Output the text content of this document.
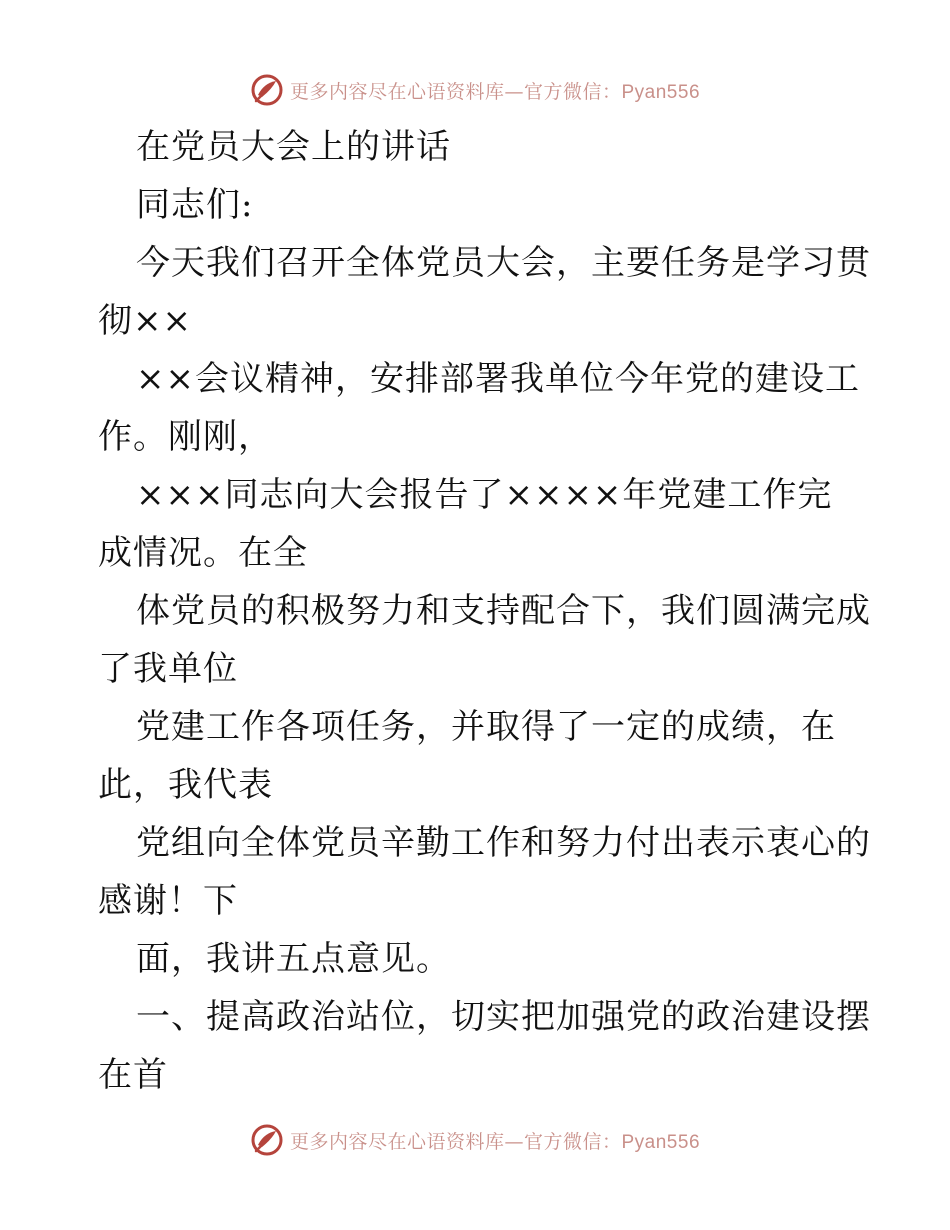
更多内容尽在心语资料库—官方微信：Pyan556
在党员大会上的讲话
同志们:
今天我们召开全体党员大会，主要任务是学习贯
彻××
××会议精神，安排部署我单位今年党的建设工
作。刚刚，
×××同志向大会报告了××××年党建工作完
成情况。在全
体党员的积极努力和支持配合下，我们圆满完成
了我单位
党建工作各项任务，并取得了一定的成绩，在
此，我代表
党组向全体党员辛勤工作和努力付出表示衷心的
感谢！下
面，我讲五点意见。
一、提高政治站位，切实把加强党的政治建设摆
在首
更多内容尽在心语资料库—官方微信：Pyan556
